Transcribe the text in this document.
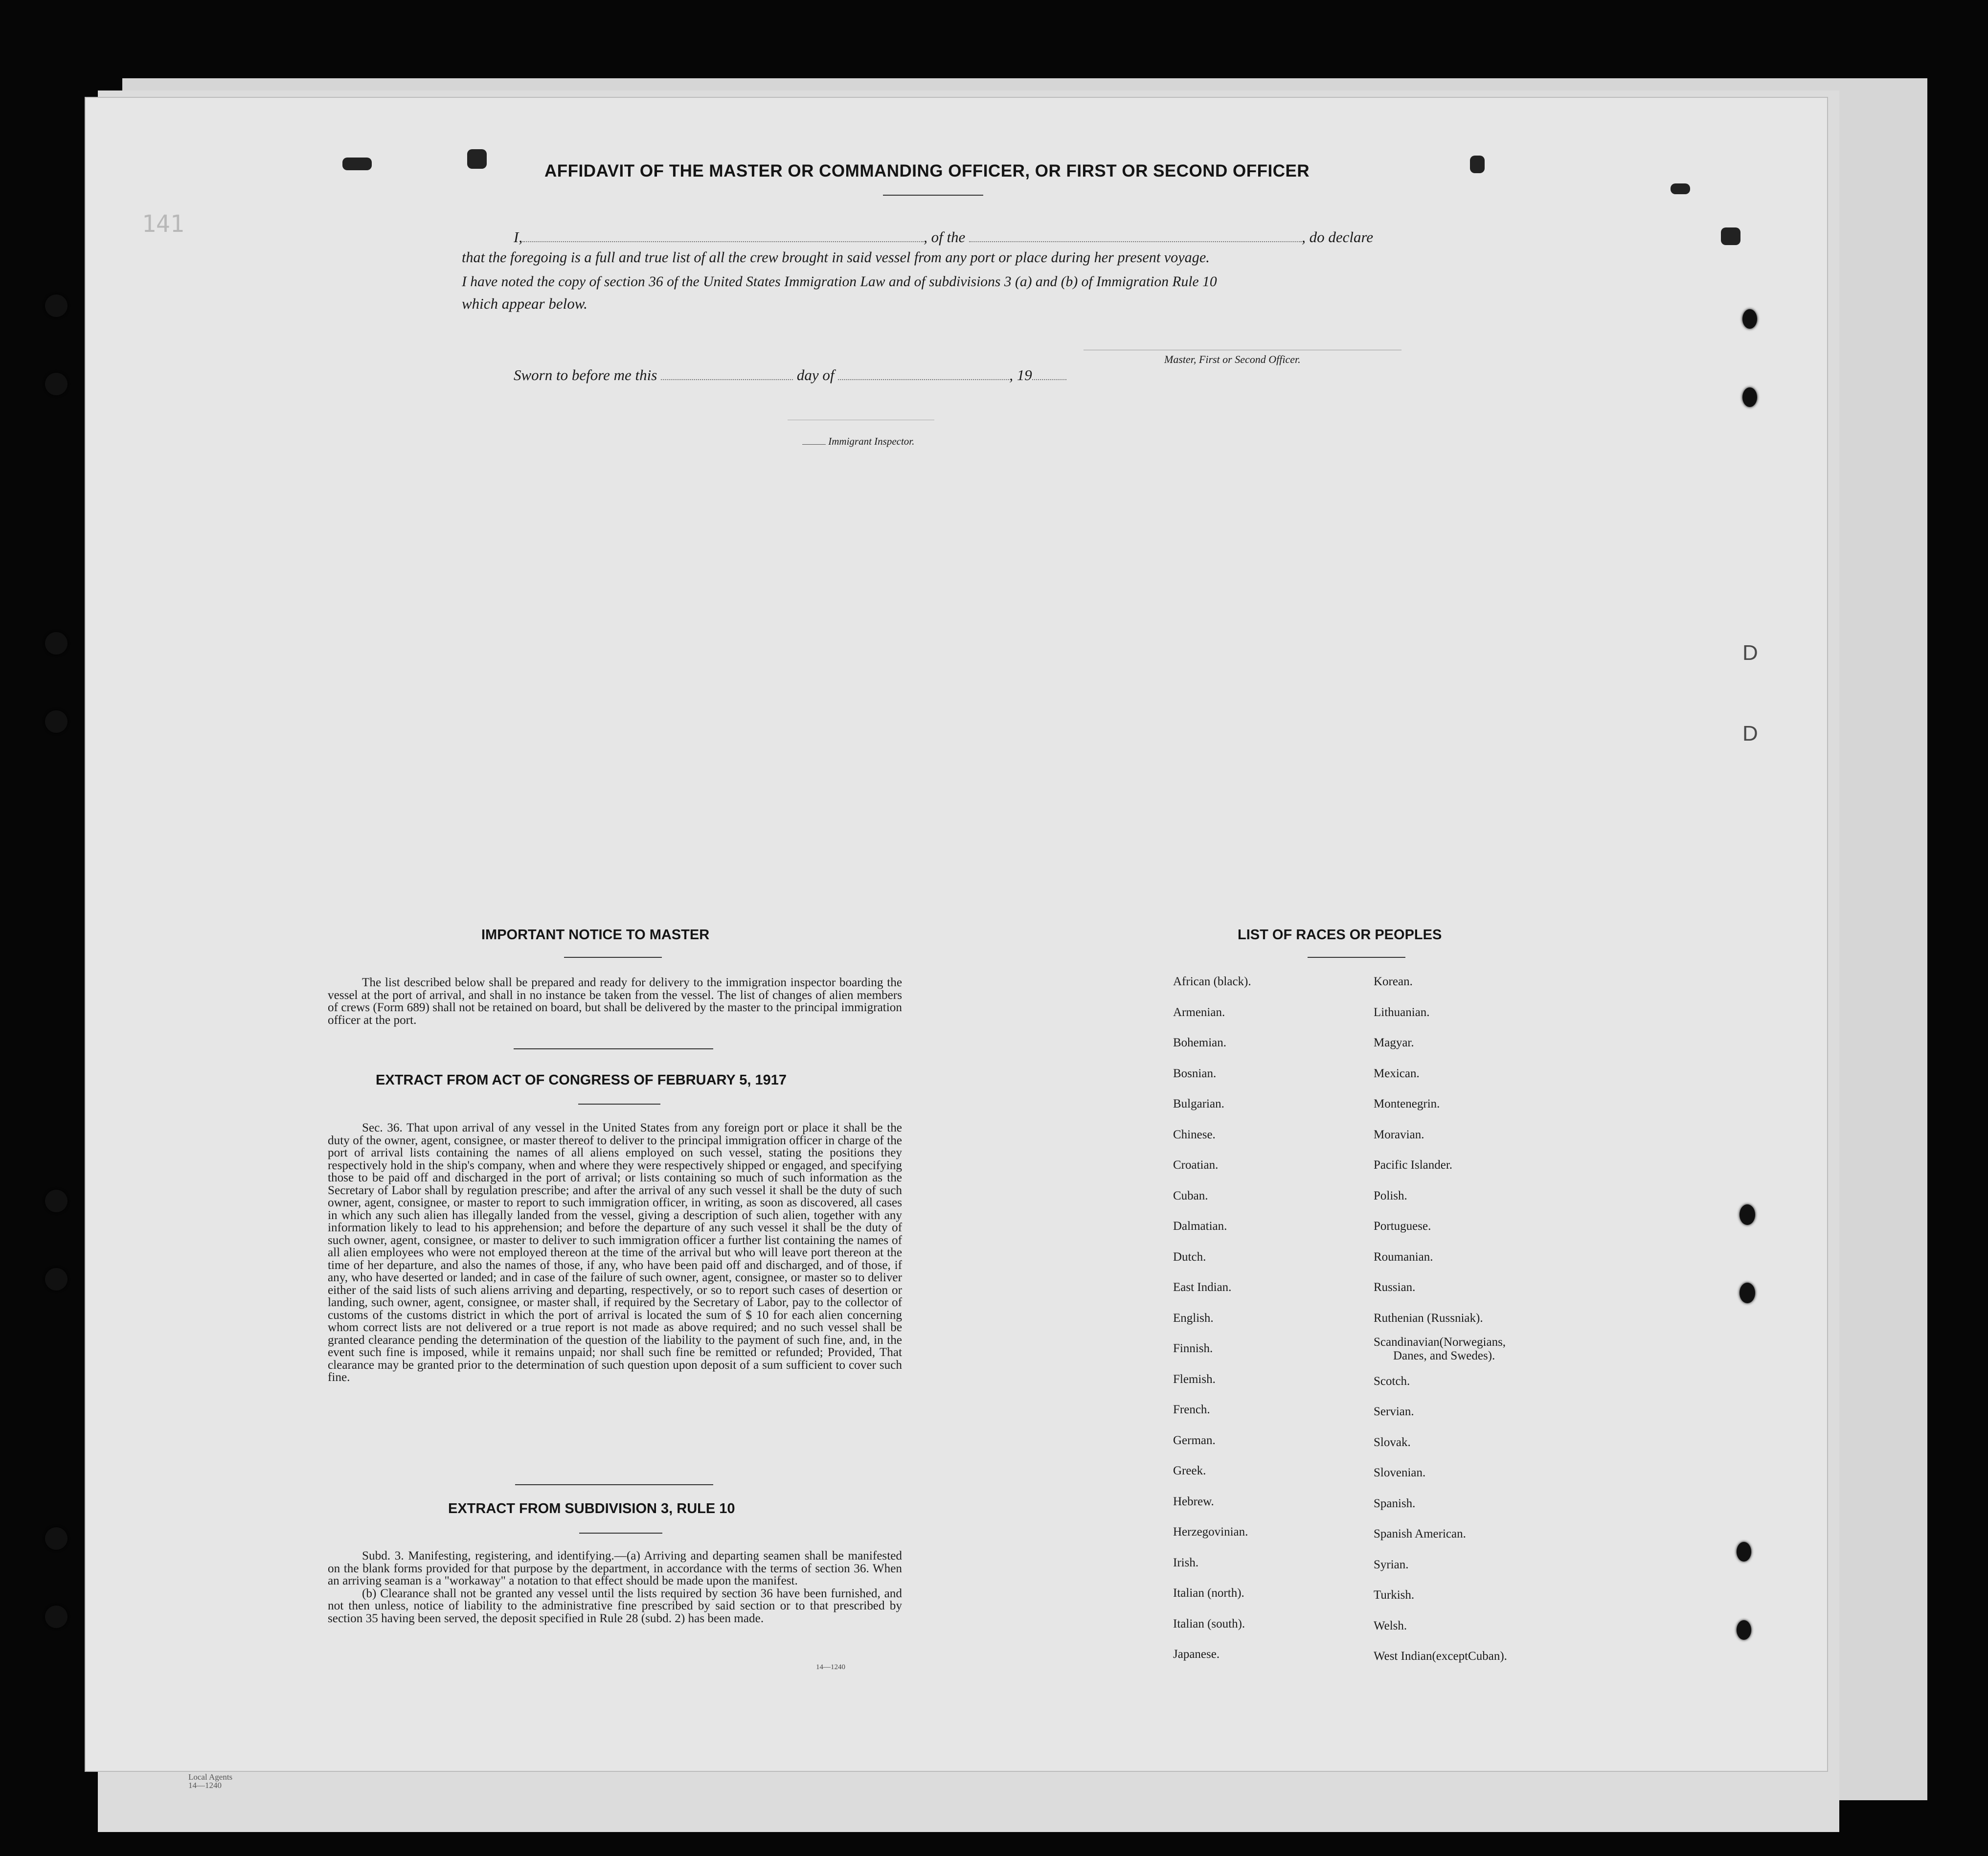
141
D
D
AFFIDAVIT OF THE MASTER OR COMMANDING OFFICER, OR FIRST OR SECOND OFFICER
I,	, of the	, do declare
that the foregoing is a full and true list of all the crew brought in said vessel from any port or place during her present voyage.
I have noted the copy of section 36 of the United States Immigration Law and of subdivisions 3 (a) and (b) of Immigration Rule 10
which appear below.
Master, First or Second Officer.
Sworn to before me this	day of	, 19
Immigrant Inspector.
IMPORTANT NOTICE TO MASTER

The list described below shall be prepared and ready for delivery to the immigration inspector boarding the vessel at the port of arrival, and shall in no instance be taken from the vessel. The list of changes of alien members of crews (Form 689) shall not be retained on board, but shall be delivered by the master to the principal immigration officer at the port.

EXTRACT FROM ACT OF CONGRESS OF FEBRUARY 5, 1917

Sec. 36. That upon arrival of any vessel in the United States from any foreign port or place it shall be the duty of the owner, agent, consignee, or master thereof to deliver to the principal immigration officer in charge of the port of arrival lists containing the names of all aliens employed on such vessel, stating the positions they respectively hold in the ship's company, when and where they were respectively shipped or engaged, and specifying those to be paid off and discharged in the port of arrival; or lists containing so much of such information as the Secretary of Labor shall by regulation prescribe; and after the arrival of any such vessel it shall be the duty of such owner, agent, consignee, or master to report to such immigration officer, in writing, as soon as discovered, all cases in which any such alien has illegally landed from the vessel, giving a description of such alien, together with any information likely to lead to his apprehension; and before the departure of any such vessel it shall be the duty of such owner, agent, consignee, or master to deliver to such immigration officer a further list containing the names of all alien employees who were not employed thereon at the time of the arrival but who will leave port thereon at the time of her departure, and also the names of those, if any, who have been paid off and discharged, and of those, if any, who have deserted or landed; and in case of the failure of such owner, agent, consignee, or master so to deliver either of the said lists of such aliens arriving and departing, respectively, or so to report such cases of desertion or landing, such owner, agent, consignee, or master shall, if required by the Secretary of Labor, pay to the collector of customs of the customs district in which the port of arrival is located the sum of $ 10 for each alien concerning whom correct lists are not delivered or a true report is not made as above required; and no such vessel shall be granted clearance pending the determination of the question of the liability to the payment of such fine, and, in the event such fine is imposed, while it remains unpaid; nor shall such fine be remitted or refunded; Provided, That clearance may be granted prior to the determination of such question upon deposit of a sum sufficient to cover such fine.

EXTRACT FROM SUBDIVISION 3, RULE 10

Subd. 3. Manifesting, registering, and identifying.—(a) Arriving and departing seamen shall be manifested on the blank forms provided for that purpose by the department, in accordance with the terms of section 36. When an arriving seaman is a "workaway" a notation to that effect should be made upon the manifest.

(b) Clearance shall not be granted any vessel until the lists required by section 36 have been furnished, and not then unless, notice of liability to the administrative fine prescribed by said section or to that prescribed by section 35 having been served, the deposit specified in Rule 28 (subd. 2) has been made.

14—1240
LIST OF RACES OR PEOPLES
African (black).
Armenian.
Bohemian.
Bosnian.
Bulgarian.
Chinese.
Croatian.
Cuban.
Dalmatian.
Dutch.
East Indian.
English.
Finnish.
Flemish.
French.
German.
Greek.
Hebrew.
Herzegovinian.
Irish.
Italian (north).
Italian (south).
Japanese.
Korean.
Lithuanian.
Magyar.
Mexican.
Montenegrin.
Moravian.
Pacific Islander.
Polish.
Portuguese.
Roumanian.
Russian.
Ruthenian (Russniak).
Scandinavian(Norwegians,
Danes, and Swedes).
Scotch.
Servian.
Slovak.
Slovenian.
Spanish.
Spanish American.
Syrian.
Turkish.
Welsh.
West Indian(exceptCuban).
Local Agents
14—1240
